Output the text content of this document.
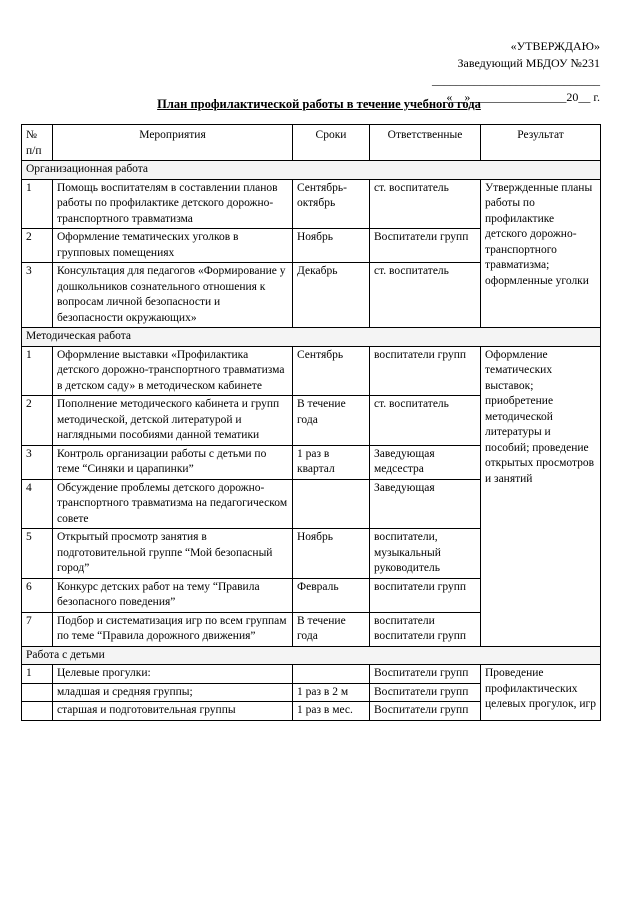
«УТВЕРЖДАЮ»
Заведующий МБДОУ №231
____________________________
«__»________________20__ г.
План профилактической работы в течение учебного года
№ п/п	Мероприятия	Сроки	Ответственные	Результат
Организационная работа				
1	Помощь воспитателям в составлении планов работы по профилактике детского дорожно-транспортного травматизма	Сентябрь-октябрь	ст. воспитатель	Утвержденные планы работы по профилактике детского дорожно-транспортного травматизма; оформленные уголки
2	Оформление тематических уголков в групповых помещениях	Ноябрь	Воспитатели групп	
3	Консультация для педагогов «Формирование у дошкольников сознательного отношения к вопросам личной безопасности и безопасности окружающих»	Декабрь	ст. воспитатель	
Методическая работа				
1	Оформление выставки «Профилактика детского дорожно-транспортного травматизма в детском саду» в методическом кабинете	Сентябрь	воспитатели групп	Оформление тематических выставок; приобретение методической литературы и пособий; проведение открытых просмотров и занятий
2	Пополнение методического кабинета и групп методической, детской литературой и наглядными пособиями данной тематики	В течение года	ст. воспитатель	
3	Контроль организации работы с детьми по теме “Синяки и царапинки”	1 раз в квартал	Заведующая медсестра	
4	Обсуждение проблемы детского дорожно-транспортного травматизма на педагогическом совете		Заведующая	
5	Открытый просмотр занятия в подготовительной группе “Мой безопасный город”	Ноябрь	воспитатели, музыкальный руководитель	
6	Конкурс детских работ на тему “Правила безопасного поведения”	Февраль	воспитатели групп	
7	Подбор и систематизация игр по всем группам по теме “Правила дорожного движения”	В течение года	воспитатели воспитатели групп	
Работа с детьми				
1	Целевые прогулки:		Воспитатели групп	Проведение профилактических целевых прогулок, игр
	младшая и средняя группы;	1 раз в 2 м	Воспитатели групп	
	старшая и подготовительная группы	1 раз в мес.	Воспитатели групп	
